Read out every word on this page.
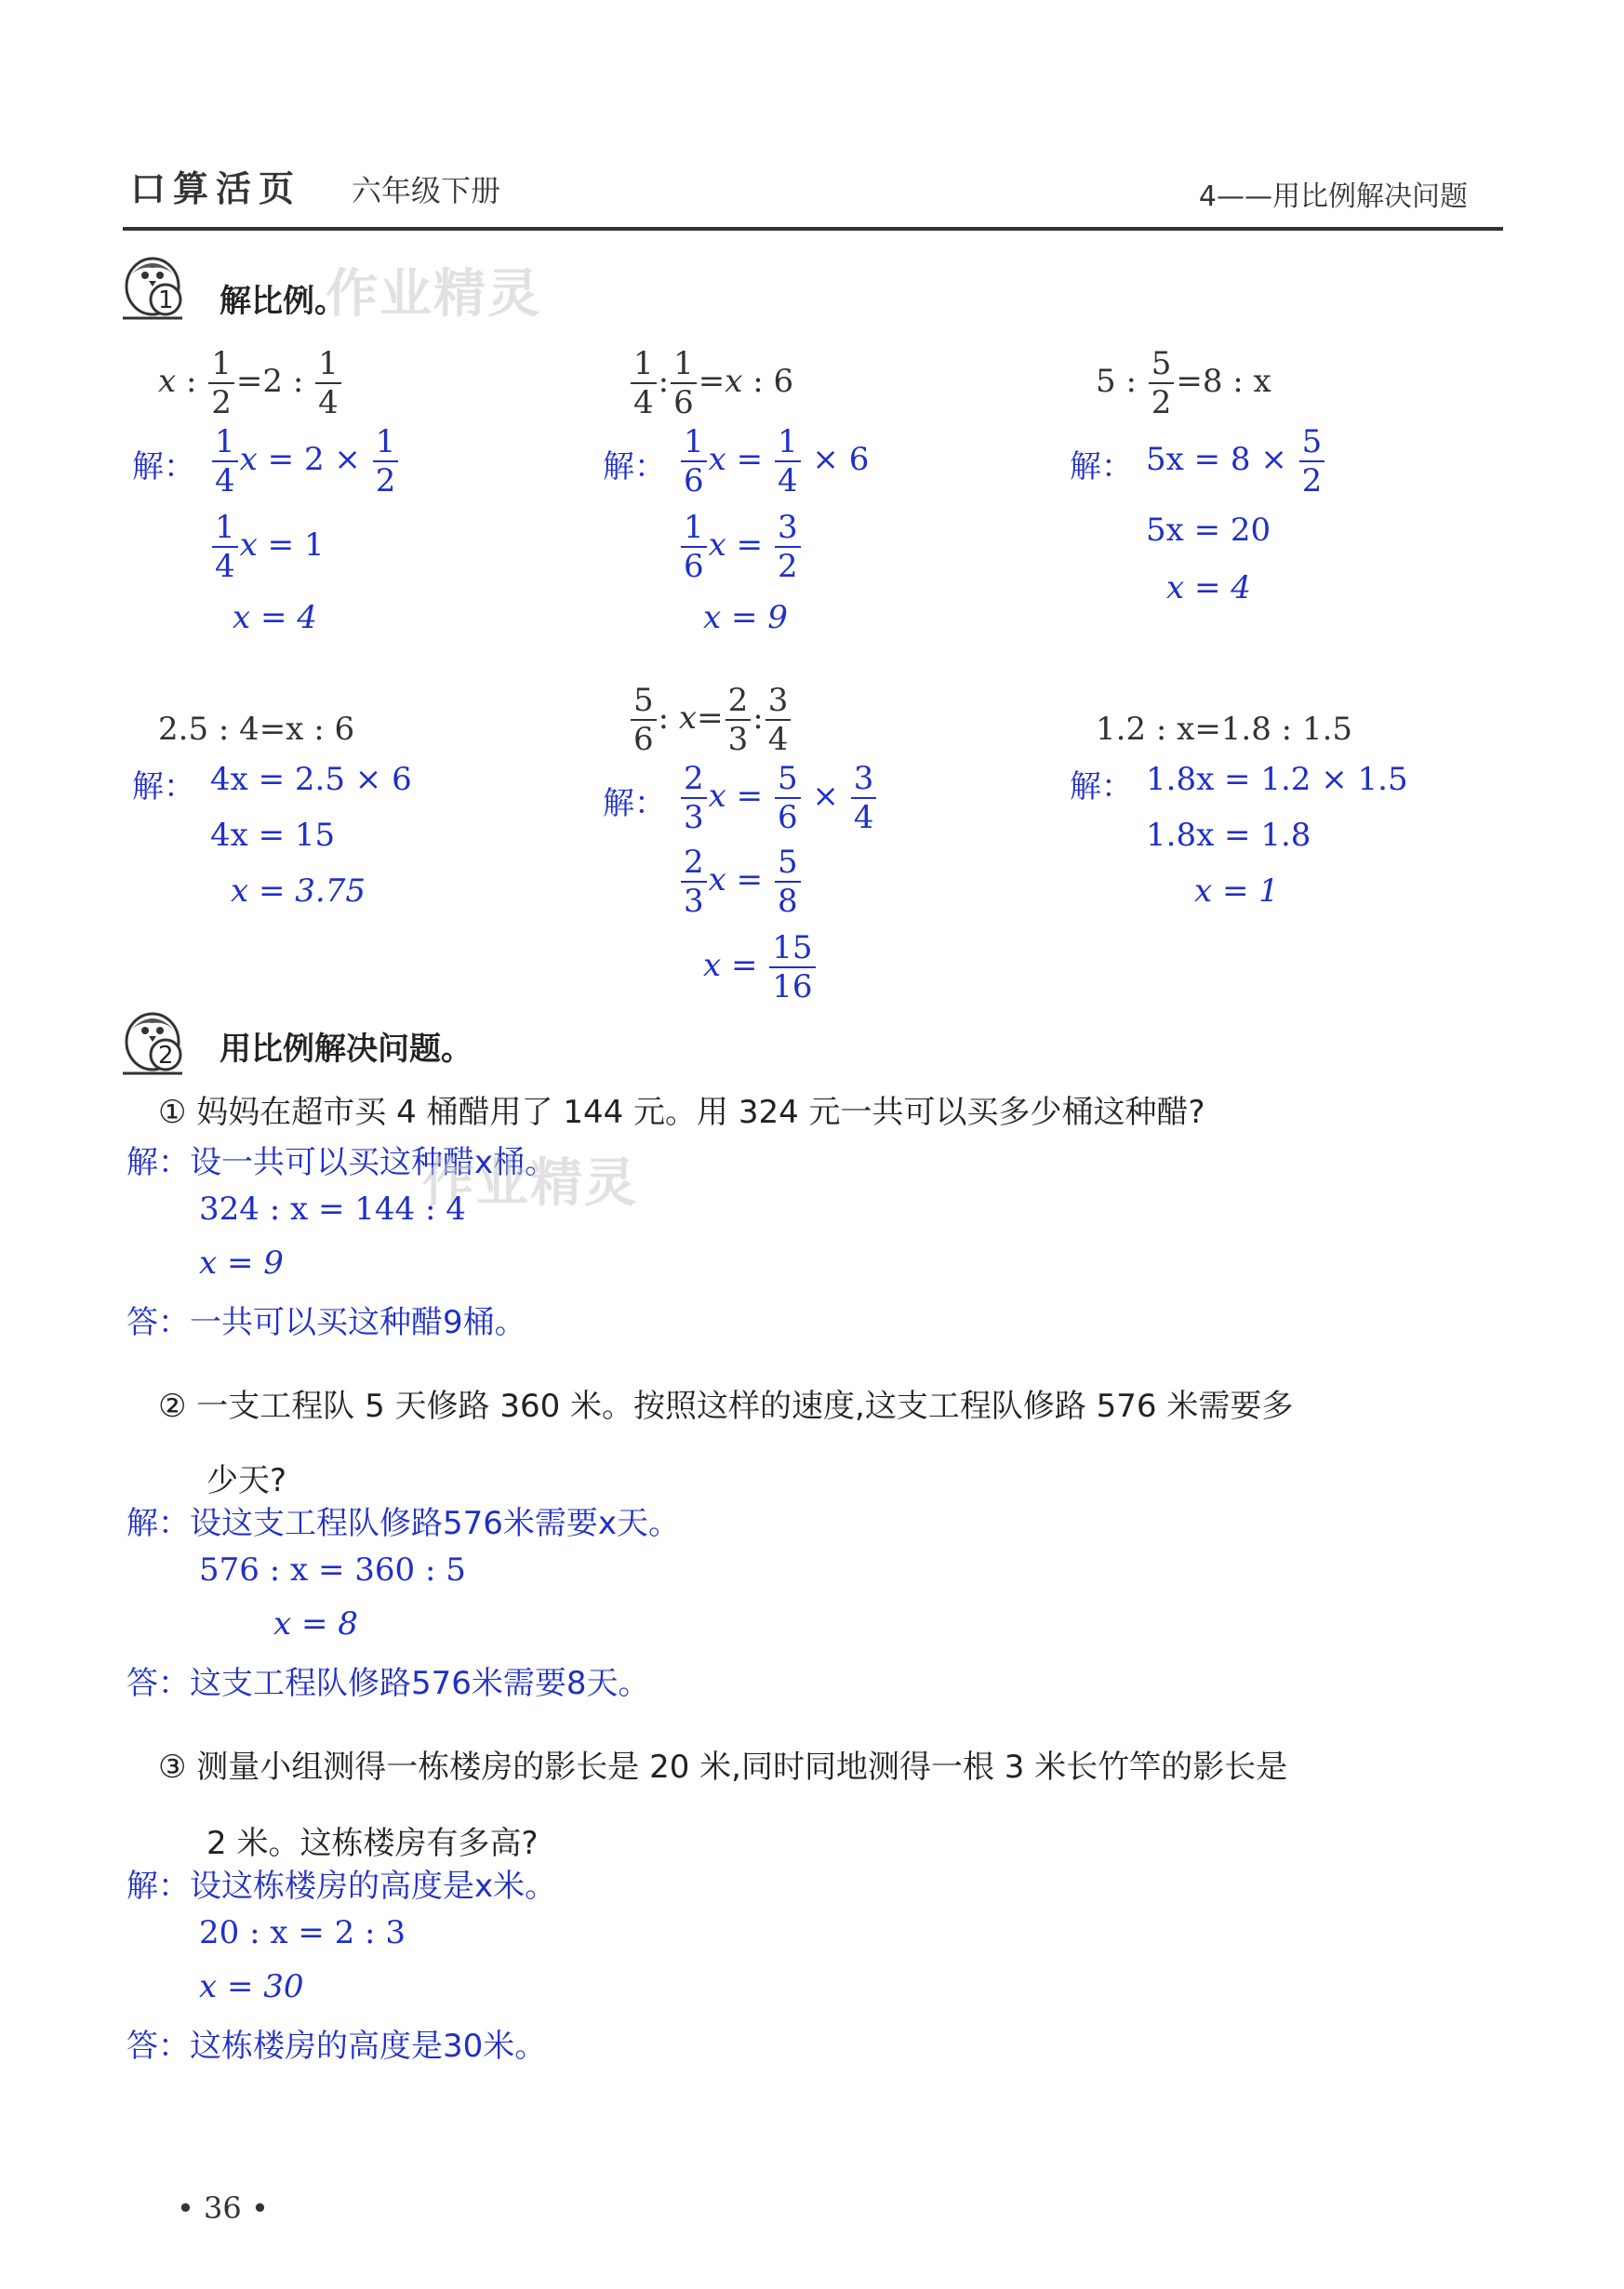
口算活页 六年级下册	4——用比例解决问题
1 解比例。
作业精灵
x : $\frac{1}{2} =2$ : $\frac{1}{4}$
解： $\frac{1}{4}$ $x = 2 \times \frac{1}{2}$
$\frac{1}{4}$ x = 1
x = 4
$\frac{1}{4}$ : $\frac{1}{6} =x$ : 6
解： $\frac{1}{6}$ $x = \frac{1}{4} \times 6$
$\frac{1}{6}$ $x = \frac{3}{2}$
x = 9
5 : $\frac{5}{2} =8$ : x
解： $5x = 8 \times \frac{5}{2}$
5x = 20
x = 4
2.5 : 4=x : 6
解： 4x = 2.5 × 6
4x = 15
x = 3.75
$\frac{5}{6}$ : $x= \frac{2}{3}$ : $\frac{3}{4}$
解： $\frac{2}{3}$ $x = \frac{5}{6} \times \frac{3}{4}$
$\frac{2}{3}$ $x = \frac{5}{8}$
$x = \frac{15}{16}$
1.2 : x=1.8 : 1.5
解： 1.8x = 1.2 × 1.5
1.8x = 1.8
x = 1
2 用比例解决问题。
① 妈妈在超市买 4 桶醋用了 144 元。用 324 元一共可以买多少桶这种醋?
解：设一共可以买这种醋x桶。
作业精灵
324 : x = 144 : 4
x = 9
答：一共可以买这种醋9桶。
② 一支工程队 5 天修路 360 米。按照这样的速度,这支工程队修路 576 米需要多
少天?
解：设这支工程队修路576米需要x天。
576 : x = 360 : 5
x = 8
答：这支工程队修路576米需要8天。
③ 测量小组测得一栋楼房的影长是 20 米,同时同地测得一根 3 米长竹竿的影长是
2 米。这栋楼房有多高?
解：设这栋楼房的高度是x米。
20 : x = 2 : 3
x = 30
答：这栋楼房的高度是30米。
• 36 •
